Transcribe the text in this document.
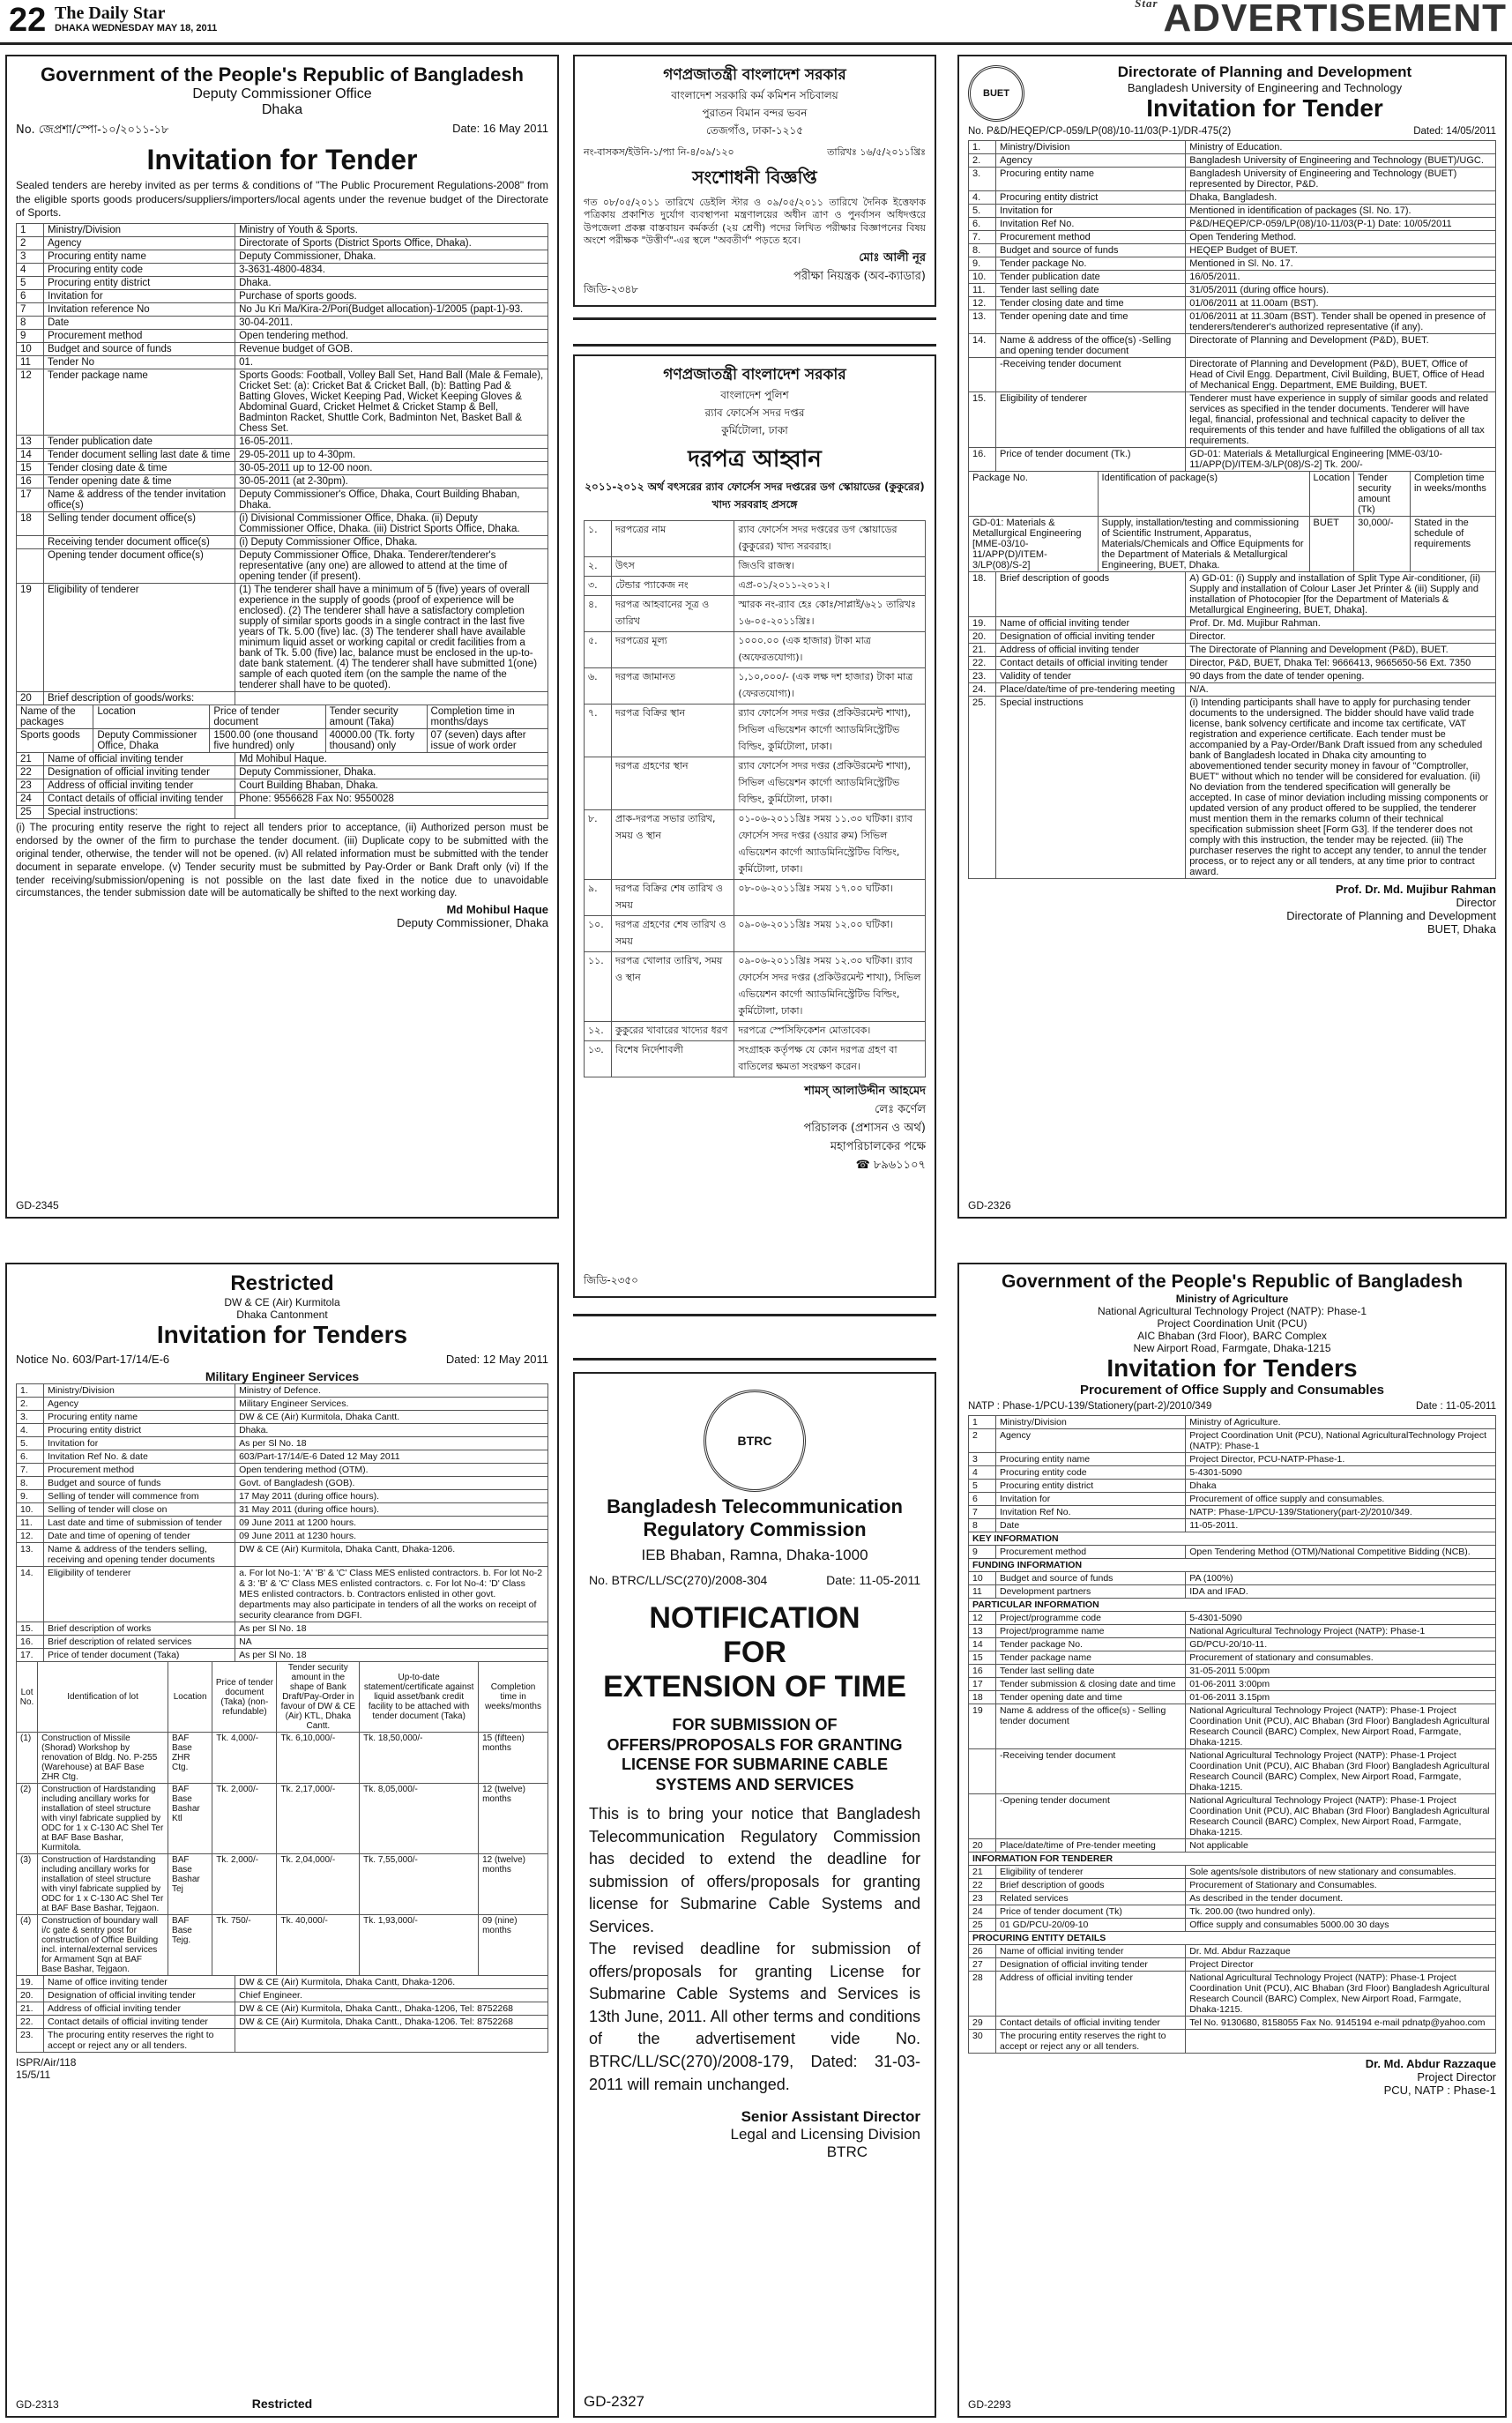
22 The Daily Star
DHAKA WEDNESDAY MAY 18, 2011
$^{Star}$ ADVERTISEMENT
Government of the People's Republic of Bangladesh
Deputy Commissioner Office
Dhaka
No. জেপ্রশা/স্পো-১০/২০১১-১৮	Date: 16 May 2011
Invitation for Tender
Sealed tenders are hereby invited as per terms & conditions of "The Public Procurement Regulations-2008" from the eligible sports goods producers/suppliers/importers/local agents under the revenue budget of the Directorate of Sports.
1	Ministry/Division	Ministry of Youth & Sports.
2	Agency	Directorate of Sports (District Sports Office, Dhaka).
3	Procuring entity name	Deputy Commissioner, Dhaka.
4	Procuring entity code	3-3631-4800-4834.
5	Procuring entity district	Dhaka.
6	Invitation for	Purchase of sports goods.
7	Invitation reference No	No Ju Kri Ma/Kira-2/Pori(Budget allocation)-1/2005 (papt-1)-93.
8	Date	30-04-2011.
9	Procurement method	Open tendering method.
10	Budget and source of funds	Revenue budget of GOB.
11	Tender No	01.
12	Tender package name	Sports Goods: Football, Volley Ball Set, Hand Ball (Male & Female), Cricket Set: (a): Cricket Bat & Cricket Ball, (b): Batting Pad & Batting Gloves, Wicket Keeping Pad, Wicket Keeping Gloves & Abdominal Guard, Cricket Helmet & Cricket Stamp & Bell, Badminton Racket, Shuttle Cork, Badminton Net, Basket Ball & Chess Set.
13	Tender publication date	16-05-2011.
14	Tender document selling last date & time	29-05-2011 up to 4-30pm.
15	Tender closing date & time	30-05-2011 up to 12-00 noon.
16	Tender opening date & time	30-05-2011 (at 2-30pm).
17	Name & address of the tender invitation office(s)	Deputy Commissioner's Office, Dhaka, Court Building Bhaban, Dhaka.
18	Selling tender document office(s)	(i) Divisional Commissioner Office, Dhaka. (ii) Deputy Commissioner Office, Dhaka. (iii) District Sports Office, Dhaka.
	Receiving tender document office(s)	(i) Deputy Commissioner Office, Dhaka.
	Opening tender document office(s)	Deputy Commissioner Office, Dhaka. Tenderer/tenderer's representative (any one) are allowed to attend at the time of opening tender (if present).
19	Eligibility of tenderer	(1) The tenderer shall have a minimum of 5 (five) years of overall experience in the supply of goods (proof of experience will be enclosed). (2) The tenderer shall have a satisfactory completion supply of similar sports goods in a single contract in the last five years of Tk. 5.00 (five) lac. (3) The tenderer shall have available minimum liquid asset or working capital or credit facilities from a bank of Tk. 5.00 (five) lac, balance must be enclosed in the up-to-date bank statement. (4) The tenderer shall have submitted 1(one) sample of each quoted item (on the sample the name of the tenderer shall have to be quoted).
20	Brief description of goods/works:	
Name of the packages	Location	Price of tender document	Tender security amount (Taka)	Completion time in months/days
Sports goods	Deputy Commissioner Office, Dhaka	1500.00 (one thousand five hundred) only	40000.00 (Tk. forty thousand) only	07 (seven) days after issue of work order
21	Name of official inviting tender	Md Mohibul Haque.
22	Designation of official inviting tender	Deputy Commissioner, Dhaka.
23	Address of official inviting tender	Court Building Bhaban, Dhaka.
24	Contact details of official inviting tender	Phone: 9556628 Fax No: 9550028
25	Special instructions:	
(i) The procuring entity reserve the right to reject all tenders prior to acceptance, (ii) Authorized person must be endorsed by the owner of the firm to purchase the tender document. (iii) Duplicate copy to be submitted with the original tender, otherwise, the tender will not be opened. (iv) All related information must be submitted with the tender document in separate envelope. (v) Tender security must be submitted by Pay-Order or Bank Draft only (vi) If the tender receiving/submission/opening is not possible on the last date fixed in the notice due to unavoidable circumstances, the tender submission date will be automatically be shifted to the next working day.
Md Mohibul Haque
Deputy Commissioner, Dhaka
GD-2345
গণপ্রজাতন্ত্রী বাংলাদেশ সরকার
বাংলাদেশ সরকারি কর্ম কমিশন সচিবালয়
পুরাতন বিমান বন্দর ভবন
তেজগাঁও, ঢাকা-১২১৫
নং-বাসকস/ইউনি-১/প্যা নি-৪/০৯/১২০	তারিখঃ ১৬/৫/২০১১খ্রিঃ
সংশোধনী বিজ্ঞপ্তি
গত ০৮/০৫/২০১১ তারিখে ডেইলি স্টার ও ০৯/০৫/২০১১ তারিখে দৈনিক ইত্তেফাক পত্রিকায় প্রকাশিত দুর্যোগ ব্যবস্থাপনা মন্ত্রণালয়ের অধীন ত্রাণ ও পুনর্বাসন অধিদপ্তরে উপজেলা প্রকল্প বাস্তবায়ন কর্মকর্তা (২য় শ্রেণী) পদের লিখিত পরীক্ষার বিজ্ঞাপনের বিষয় অংশে পরীক্ষক "উত্তীর্ণ"-এর স্থলে "অবতীর্ণ" পড়তে হবে।
মোঃ আলী নূর
পরীক্ষা নিয়ন্ত্রক (অব-ক্যাডার)
জিডি-২৩৪৮
গণপ্রজাতন্ত্রী বাংলাদেশ সরকার
বাংলাদেশ পুলিশ
র‍্যাব ফোর্সেস সদর দপ্তর
কুর্মিটোলা, ঢাকা
দরপত্র আহ্বান
২০১১-২০১২ অর্থ বৎসরের র‍্যাব ফোর্সেস সদর দপ্তরের ডগ স্কোয়াডের (কুকুরের) খাদ্য সরবরাহ প্রসঙ্গে
১.	দরপত্রের নাম	র‍্যাব ফোর্সেস সদর দপ্তরের ডগ স্কোয়াডের (কুকুরের) খাদ্য সরবরাহ।
২.	উৎস	জিওবি রাজস্ব।
৩.	টেন্ডার প্যাকেজ নং	এপ্র-০১/২০১১-২০১২।
৪.	দরপত্র আহবানের সূত্র ও তারিখ	স্মারক নং-র‍্যাব হেঃ কোঃ/সাপ্লাই/৬২১ তারিখঃ ১৬-০৫-২০১১খ্রিঃ।
৫.	দরপত্রের মূল্য	১০০০.০০ (এক হাজার) টাকা মাত্র (অফেরতযোগ্য)।
৬.	দরপত্র জামানত	১,১০,০০০/- (এক লক্ষ দশ হাজার) টাকা মাত্র (ফেরতযোগ্য)।
৭.	দরপত্র বিক্রির স্থান	র‍্যাব ফোর্সেস সদর দপ্তর (প্রকিউরমেন্ট শাখা), সিভিল এভিয়েশন কার্গো অ্যাডমিনিস্ট্রেটিভ বিল্ডিং, কুর্মিটোলা, ঢাকা।
	দরপত্র গ্রহণের স্থান	র‍্যাব ফোর্সেস সদর দপ্তর (প্রকিউরমেন্ট শাখা), সিভিল এভিয়েশন কার্গো অ্যাডমিনিস্ট্রেটিভ বিল্ডিং, কুর্মিটোলা, ঢাকা।
৮.	প্রাক-দরপত্র সভার তারিখ, সময় ও স্থান	০১-০৬-২০১১খ্রিঃ সময় ১১.৩০ ঘটিকা। র‍্যাব ফোর্সেস সদর দপ্তর (ওয়ার রুম) সিভিল এভিয়েশন কার্গো অ্যাডমিনিস্ট্রেটিভ বিল্ডিং, কুর্মিটোলা, ঢাকা।
৯.	দরপত্র বিক্রির শেষ তারিখ ও সময়	০৮-০৬-২০১১খ্রিঃ সময় ১৭.০০ ঘটিকা।
১০.	দরপত্র গ্রহণের শেষ তারিখ ও সময়	০৯-০৬-২০১১খ্রিঃ সময় ১২.০০ ঘটিকা।
১১.	দরপত্র খোলার তারিখ, সময় ও স্থান	০৯-০৬-২০১১খ্রিঃ সময় ১২.৩০ ঘটিকা। র‍্যাব ফোর্সেস সদর দপ্তর (প্রকিউরমেন্ট শাখা), সিভিল এভিয়েশন কার্গো অ্যাডমিনিস্ট্রেটিভ বিল্ডিং, কুর্মিটোলা, ঢাকা।
১২.	কুকুরের খাবারের খাদ্যের ধরণ	দরপত্রে স্পেসিফিকেশন মোতাবেক।
১৩.	বিশেষ নির্দেশাবলী	সংগ্রাহক কর্তৃপক্ষ যে কোন দরপত্র গ্রহণ বা বাতিলের ক্ষমতা সংরক্ষণ করেন।
শামস্ আলাউদ্দীন আহমেদ
লেঃ কর্ণেল
পরিচালক (প্রশাসন ও অর্থ)
মহাপরিচালকের পক্ষে
☎ ৮৯৬১১০৭
জিডি-২৩৫০
BUET
Directorate of Planning and Development
Bangladesh University of Engineering and Technology
Invitation for Tender
No. P&D/HEQEP/CP-059/LP(08)/10-11/03(P-1)/DR-475(2)	Dated: 14/05/2011
1.	Ministry/Division	Ministry of Education.
2.	Agency	Bangladesh University of Engineering and Technology (BUET)/UGC.
3.	Procuring entity name	Bangladesh University of Engineering and Technology (BUET) represented by Director, P&D.
4.	Procuring entity district	Dhaka, Bangladesh.
5.	Invitation for	Mentioned in identification of packages (Sl. No. 17).
6.	Invitation Ref No.	P&D/HEQEP/CP-059/LP(08)/10-11/03(P-1) Date: 10/05/2011
7.	Procurement method	Open Tendering Method.
8.	Budget and source of funds	HEQEP Budget of BUET.
9.	Tender package No.	Mentioned in Sl. No. 17.
10.	Tender publication date	16/05/2011.
11.	Tender last selling date	31/05/2011 (during office hours).
12.	Tender closing date and time	01/06/2011 at 11.00am (BST).
13.	Tender opening date and time	01/06/2011 at 11.30am (BST). Tender shall be opened in presence of tenderers/tenderer's authorized representative (if any).
14.	Name & address of the office(s) -Selling and opening tender document	Directorate of Planning and Development (P&D), BUET.
	-Receiving tender document	Directorate of Planning and Development (P&D), BUET, Office of Head of Civil Engg. Department, Civil Building, BUET, Office of Head of Mechanical Engg. Department, EME Building, BUET.
15.	Eligibility of tenderer	Tenderer must have experience in supply of similar goods and related services as specified in the tender documents. Tenderer will have legal, financial, professional and technical capacity to deliver the requirements of this tender and have fulfilled the obligations of all tax requirements.
16.	Price of tender document (Tk.)	GD-01: Materials & Metallurgical Engineering [MME-03/10-11/APP(D)/ITEM-3/LP(08)/S-2] Tk. 200/-
Package No.	Identification of package(s)	Location	Tender security amount (Tk)	Completion time in weeks/months
GD-01: Materials & Metallurgical Engineering [MME-03/10-11/APP(D)/ITEM-3/LP(08)/S-2]	Supply, installation/testing and commissioning of Scientific Instrument, Apparatus, Materials/Chemicals and Office Equipments for the Department of Materials & Metallurgical Engineering, BUET, Dhaka.	BUET	30,000/-	Stated in the schedule of requirements
18.	Brief description of goods	A) GD-01: (i) Supply and installation of Split Type Air-conditioner, (ii) Supply and installation of Colour Laser Jet Printer & (iii) Supply and installation of Photocopier [for the Department of Materials & Metallurgical Engineering, BUET, Dhaka].
19.	Name of official inviting tender	Prof. Dr. Md. Mujibur Rahman.
20.	Designation of official inviting tender	Director.
21.	Address of official inviting tender	The Directorate of Planning and Development (P&D), BUET.
22.	Contact details of official inviting tender	Director, P&D, BUET, Dhaka Tel: 9666413, 9665650-56 Ext. 7350
23.	Validity of tender	90 days from the date of tender opening.
24.	Place/date/time of pre-tendering meeting	N/A.
25.	Special instructions	(i) Intending participants shall have to apply for purchasing tender documents to the undersigned. The bidder should have valid trade license, bank solvency certificate and income tax certificate, VAT registration and experience certificate. Each tender must be accompanied by a Pay-Order/Bank Draft issued from any scheduled bank of Bangladesh located in Dhaka city amounting to abovementioned tender security money in favour of "Comptroller, BUET" without which no tender will be considered for evaluation. (ii) No deviation from the tendered specification will generally be accepted. In case of minor deviation including missing components or updated version of any product offered to be supplied, the tenderer must mention them in the remarks column of their technical specification submission sheet [Form G3]. If the tenderer does not comply with this instruction, the tender may be rejected. (iii) The purchaser reserves the right to accept any tender, to annul the tender process, or to reject any or all tenders, at any time prior to contract award.
Prof. Dr. Md. Mujibur Rahman
Director
Directorate of Planning and Development
BUET, Dhaka
GD-2326
Restricted
DW & CE (Air) Kurmitola
Dhaka Cantonment
Invitation for Tenders
Notice No. 603/Part-17/14/E-6	Dated: 12 May 2011
Military Engineer Services
1.	Ministry/Division	Ministry of Defence.
2.	Agency	Military Engineer Services.
3.	Procuring entity name	DW & CE (Air) Kurmitola, Dhaka Cantt.
4.	Procuring entity district	Dhaka.
5.	Invitation for	As per Sl No. 18
6.	Invitation Ref No. & date	603/Part-17/14/E-6 Dated 12 May 2011
7.	Procurement method	Open tendering method (OTM).
8.	Budget and source of funds	Govt. of Bangladesh (GOB).
9.	Selling of tender will commence from	17 May 2011 (during office hours).
10.	Selling of tender will close on	31 May 2011 (during office hours).
11.	Last date and time of submission of tender	09 June 2011 at 1200 hours.
12.	Date and time of opening of tender	09 June 2011 at 1230 hours.
13.	Name & address of the tenders selling, receiving and opening tender documents	DW & CE (Air) Kurmitola, Dhaka Cantt, Dhaka-1206.
14.	Eligibility of tenderer	a. For lot No-1: 'A' 'B' & 'C' Class MES enlisted contractors. b. For lot No-2 & 3: 'B' & 'C' Class MES enlisted contractors. c. For lot No-4: 'D' Class MES enlisted contractors. b. Contractors enlisted in other govt. departments may also participate in tenders of all the works on receipt of security clearance from DGFI.
15.	Brief description of works	As per Sl No. 18
16.	Brief description of related services	NA
17.	Price of tender document (Taka)	As per Sl No. 18
Lot No.	Identification of lot	Location	Price of tender document (Taka) (non-refundable)	Tender security amount in the shape of Bank Draft/Pay-Order in favour of DW & CE (Air) KTL, Dhaka Cantt.	Up-to-date statement/certificate against liquid asset/bank credit facility to be attached with tender document (Taka)	Completion time in weeks/months
(1)	Construction of Missile (Shorad) Workshop by renovation of Bldg. No. P-255 (Warehouse) at BAF Base ZHR Ctg.	BAF Base ZHR Ctg.	Tk. 4,000/-	Tk. 6,10,000/-	Tk. 18,50,000/-	15 (fifteen) months
(2)	Construction of Hardstanding including ancillary works for installation of steel structure with vinyl fabricate supplied by ODC for 1 x C-130 AC Shel Ter at BAF Base Bashar, Kurmitola.	BAF Base Bashar Ktl	Tk. 2,000/-	Tk. 2,17,000/-	Tk. 8,05,000/-	12 (twelve) months
(3)	Construction of Hardstanding including ancillary works for installation of steel structure with vinyl fabricate supplied by ODC for 1 x C-130 AC Shel Ter at BAF Base Bashar, Tejgaon.	BAF Base Bashar Tej	Tk. 2,000/-	Tk. 2,04,000/-	Tk. 7,55,000/-	12 (twelve) months
(4)	Construction of boundary wall i/c gate & sentry post for construction of Office Building incl. internal/external services for Armament Sqn at BAF Base Bashar, Tejgaon.	BAF Base Tejg.	Tk. 750/-	Tk. 40,000/-	Tk. 1,93,000/-	09 (nine) months
19.	Name of office inviting tender	DW & CE (Air) Kurmitola, Dhaka Cantt, Dhaka-1206.
20.	Designation of official inviting tender	Chief Engineer.
21.	Address of official inviting tender	DW & CE (Air) Kurmitola, Dhaka Cantt., Dhaka-1206, Tel: 8752268
22.	Contact details of official inviting tender	DW & CE (Air) Kurmitola, Dhaka Cantt., Dhaka-1206. Tel: 8752268
23.	The procuring entity reserves the right to accept or reject any or all tenders.	
ISPR/Air/118
15/5/11
GD-2313	Restricted
BTRC
Bangladesh Telecommunication Regulatory Commission
IEB Bhaban, Ramna, Dhaka-1000
No. BTRC/LL/SC(270)/2008-304	Date: 11-05-2011
NOTIFICATION
FOR
EXTENSION OF TIME
FOR SUBMISSION OF OFFERS/PROPOSALS FOR GRANTING LICENSE FOR SUBMARINE CABLE SYSTEMS AND SERVICES
This is to bring your notice that Bangladesh Telecommunication Regulatory Commission has decided to extend the deadline for submission of offers/proposals for granting license for Submarine Cable Systems and Services.
The revised deadline for submission of offers/proposals for granting License for Submarine Cable Systems and Services is 13th June, 2011. All other terms and conditions of the advertisement vide No. BTRC/LL/SC(270)/2008-179, Dated: 31-03-2011 will remain unchanged.
Senior Assistant Director
Legal and Licensing Division
BTRC
GD-2327
Government of the People's Republic of Bangladesh
Ministry of Agriculture
National Agricultural Technology Project (NATP): Phase-1
Project Coordination Unit (PCU)
AIC Bhaban (3rd Floor), BARC Complex
New Airport Road, Farmgate, Dhaka-1215
Invitation for Tenders
Procurement of Office Supply and Consumables
NATP : Phase-1/PCU-139/Stationery(part-2)/2010/349	Date : 11-05-2011
1	Ministry/Division	Ministry of Agriculture.
2	Agency	Project Coordination Unit (PCU), National AgriculturalTechnology Project (NATP): Phase-1
3	Procuring entity name	Project Director, PCU-NATP-Phase-1.
4	Procuring entity code	5-4301-5090
5	Procuring entity district	Dhaka
6	Invitation for	Procurement of office supply and consumables.
7	Invitation Ref No.	NATP: Phase-1/PCU-139/Stationery(part-2)/2010/349.
8	Date	11-05-2011.
KEY INFORMATION		
9	Procurement method	Open Tendering Method (OTM)/National Competitive Bidding (NCB).
FUNDING INFORMATION		
10	Budget and source of funds	PA (100%)
11	Development partners	IDA and IFAD.
PARTICULAR INFORMATION		
12	Project/programme code	5-4301-5090
13	Project/programme name	National Agricultural Technology Project (NATP): Phase-1
14	Tender package No.	GD/PCU-20/10-11.
15	Tender package name	Procurement of stationary and consumables.
16	Tender last selling date	31-05-2011 5:00pm
17	Tender submission & closing date and time	01-06-2011 3:00pm
18	Tender opening date and time	01-06-2011 3.15pm
19	Name & address of the office(s) - Selling tender document	National Agricultural Technology Project (NATP): Phase-1 Project Coordination Unit (PCU), AIC Bhaban (3rd Floor) Bangladesh Agricultural Research Council (BARC) Complex, New Airport Road, Farmgate, Dhaka-1215.
	-Receiving tender document	National Agricultural Technology Project (NATP): Phase-1 Project Coordination Unit (PCU), AIC Bhaban (3rd Floor) Bangladesh Agricultural Research Council (BARC) Complex, New Airport Road, Farmgate, Dhaka-1215.
	-Opening tender document	National Agricultural Technology Project (NATP): Phase-1 Project Coordination Unit (PCU), AIC Bhaban (3rd Floor) Bangladesh Agricultural Research Council (BARC) Complex, New Airport Road, Farmgate, Dhaka-1215.
20	Place/date/time of Pre-tender meeting	Not applicable
INFORMATION FOR TENDERER		
21	Eligibility of tenderer	Sole agents/sole distributors of new stationary and consumables.
22	Brief description of goods	Procurement of Stationary and Consumables.
23	Related services	As described in the tender document.
24	Price of tender document (Tk)	Tk. 200.00 (two hundred only).
25	01 GD/PCU-20/09-10	Office supply and consumables 5000.00 30 days
PROCURING ENTITY DETAILS		
26	Name of official inviting tender	Dr. Md. Abdur Razzaque
27	Designation of official inviting tender	Project Director
28	Address of official inviting tender	National Agricultural Technology Project (NATP): Phase-1 Project Coordination Unit (PCU), AIC Bhaban (3rd Floor) Bangladesh Agricultural Research Council (BARC) Complex, New Airport Road, Farmgate, Dhaka-1215.
29	Contact details of official inviting tender	Tel No. 9130680, 8158055 Fax No. 9145194 e-mail pdnatp@yahoo.com
30	The procuring entity reserves the right to accept or reject any or all tenders.	
Dr. Md. Abdur Razzaque
Project Director
PCU, NATP : Phase-1
GD-2293
